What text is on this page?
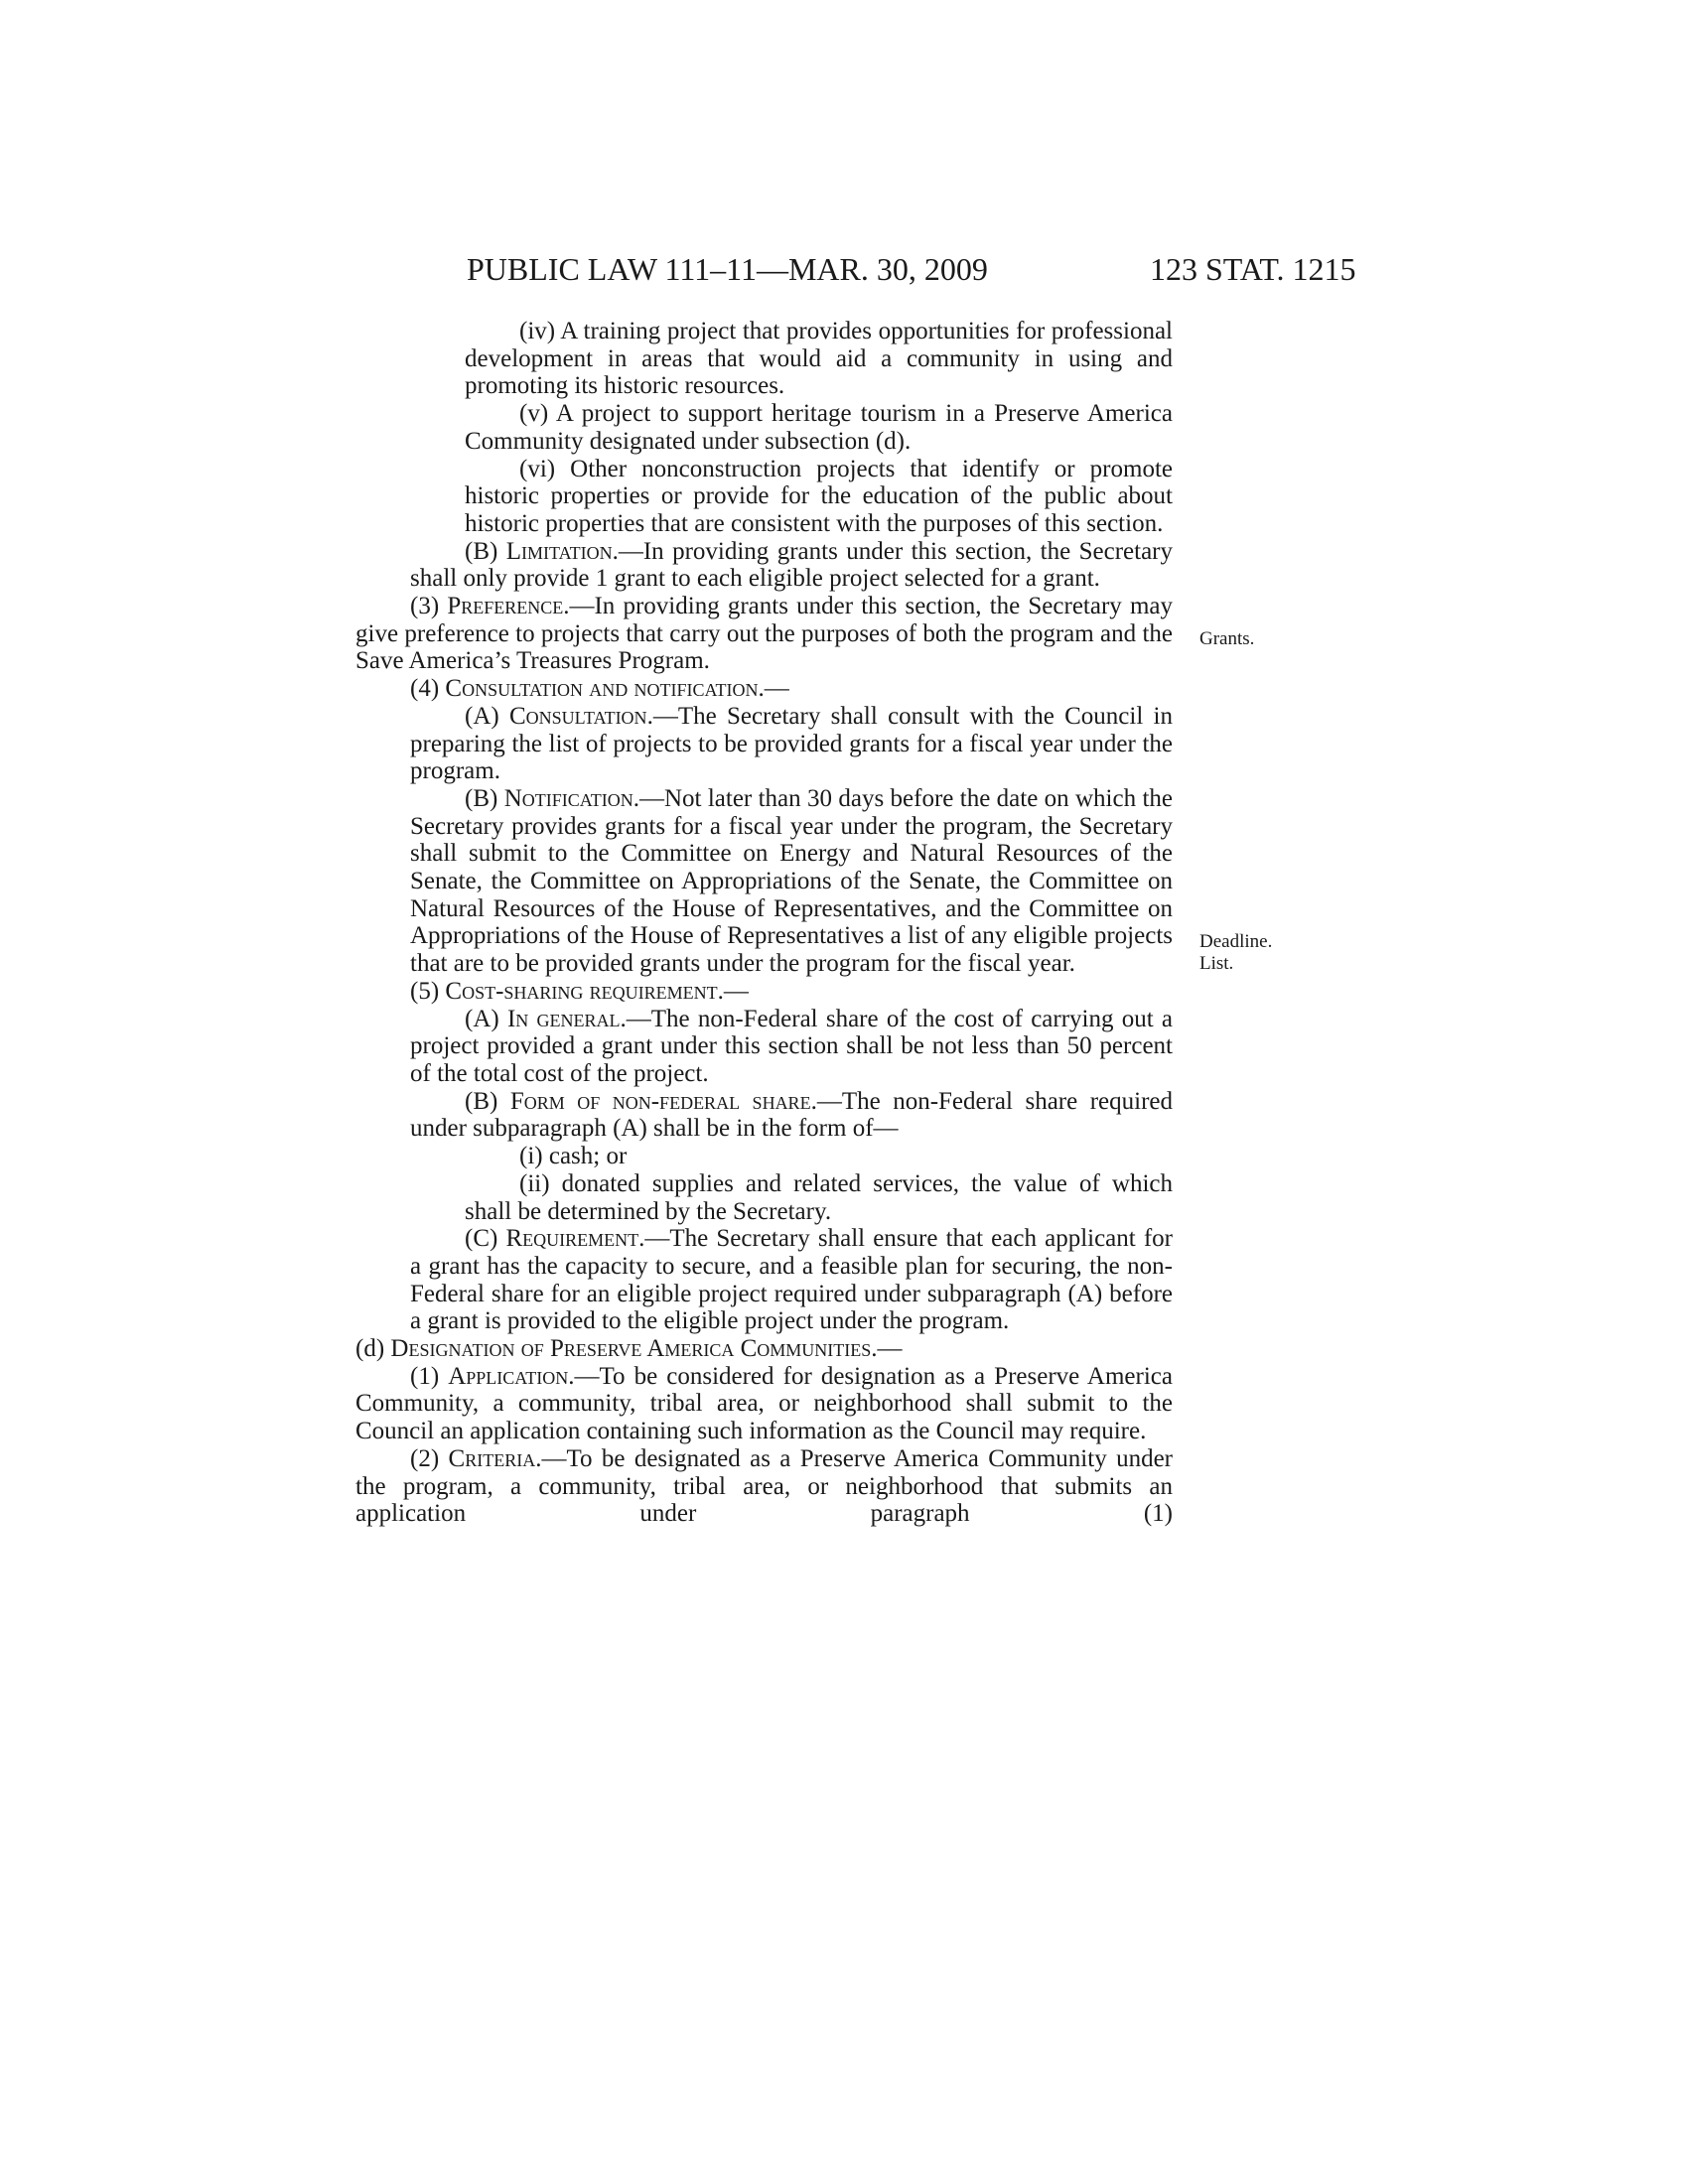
PUBLIC LAW 111–11—MAR. 30, 2009	123 STAT. 1215
Grants.
Deadline.
List.

(iv) A training project that provides opportunities for professional development in areas that would aid a community in using and promoting its historic resources.

(v) A project to support heritage tourism in a Preserve America Community designated under subsection (d).

(vi) Other nonconstruction projects that identify or promote historic properties or provide for the education of the public about historic properties that are consistent with the purposes of this section.

(B) Limitation.—In providing grants under this section, the Secretary shall only provide 1 grant to each eligible project selected for a grant.

(3) Preference.—In providing grants under this section, the Secretary may give preference to projects that carry out the purposes of both the program and the Save America’s Treasures Program.

(4) Consultation and notification.—

(A) Consultation.—The Secretary shall consult with the Council in preparing the list of projects to be provided grants for a fiscal year under the program.

(B) Notification.—Not later than 30 days before the date on which the Secretary provides grants for a fiscal year under the program, the Secretary shall submit to the Committee on Energy and Natural Resources of the Senate, the Committee on Appropriations of the Senate, the Committee on Natural Resources of the House of Representatives, and the Committee on Appropriations of the House of Representatives a list of any eligible projects that are to be provided grants under the program for the fiscal year.

(5) Cost-sharing requirement.—

(A) In general.—The non-Federal share of the cost of carrying out a project provided a grant under this section shall be not less than 50 percent of the total cost of the project.

(B) Form of non-federal share.—The non-Federal share required under subparagraph (A) shall be in the form of—

(i) cash; or

(ii) donated supplies and related services, the value of which shall be determined by the Secretary.

(C) Requirement.—The Secretary shall ensure that each applicant for a grant has the capacity to secure, and a feasible plan for securing, the non-Federal share for an eligible project required under subparagraph (A) before a grant is provided to the eligible project under the program.

(d) Designation of Preserve America Communities.—

(1) Application.—To be considered for designation as a Preserve America Community, a community, tribal area, or neighborhood shall submit to the Council an application containing such information as the Council may require.

(2) Criteria.—To be designated as a Preserve America Community under the program, a community, tribal area, or neighborhood that submits an application under paragraph (1)
